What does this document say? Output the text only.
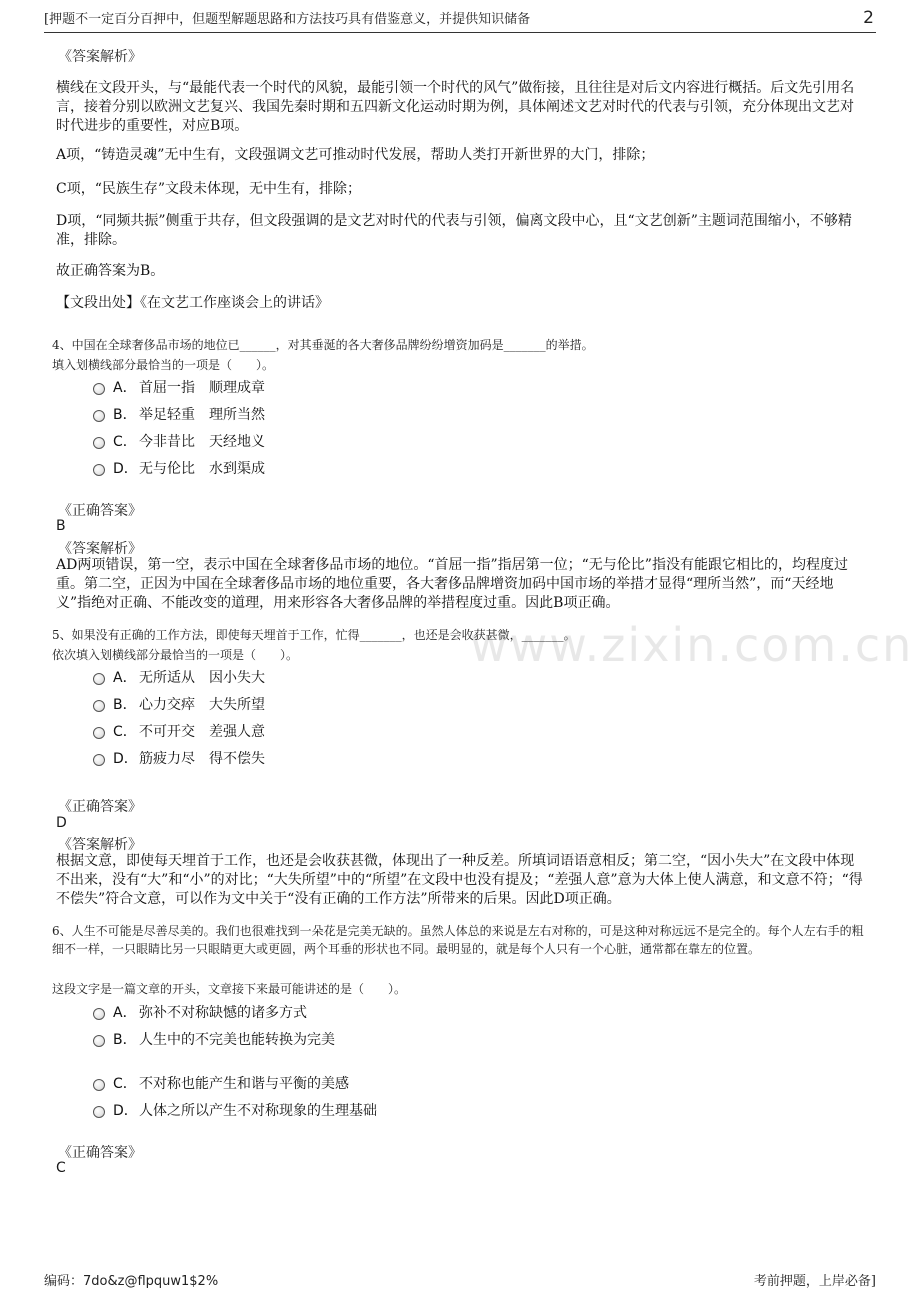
[押题不一定百分百押中，但题型解题思路和方法技巧具有借鉴意义，并提供知识储备	2
www.zixin.com.cn
《答案解析》
横线在文段开头，与“最能代表一个时代的风貌，最能引领一个时代的风气”做衔接，且往往是对后文内容进行概括。后文先引用名言，接着分别以欧洲文艺复兴、我国先秦时期和五四新文化运动时期为例，具体阐述文艺对时代的代表与引领，充分体现出文艺对时代进步的重要性，对应B项。
A项，“铸造灵魂”无中生有，文段强调文艺可推动时代发展，帮助人类打开新世界的大门，排除；
C项，“民族生存”文段未体现，无中生有，排除；
D项，“同频共振”侧重于共存，但文段强调的是文艺对时代的代表与引领，偏离文段中心，且“文艺创新”主题词范围缩小，不够精准，排除。
故正确答案为B。
【文段出处】《在文艺工作座谈会上的讲话》
4、中国在全球奢侈品市场的地位已______，对其垂涎的各大奢侈品牌纷纷增资加码是_______的举措。
填入划横线部分最恰当的一项是（　　）。
A． 首屈一指 顺理成章
B． 举足轻重 理所当然
C． 今非昔比 天经地义
D．无与伦比 水到渠成
《正确答案》
B
《答案解析》
AD两项错误，第一空，表示中国在全球奢侈品市场的地位。“首屈一指”指居第一位；“无与伦比”指没有能跟它相比的，均程度过重。第二空，正因为中国在全球奢侈品市场的地位重要，各大奢侈品牌增资加码中国市场的举措才显得“理所当然”，而“天经地义”指绝对正确、不能改变的道理，用来形容各大奢侈品牌的举措程度过重。因此B项正确。
5、如果没有正确的工作方法，即使每天埋首于工作，忙得_______，也还是会收获甚微，_______。
依次填入划横线部分最恰当的一项是（　　）。
A． 无所适从 因小失大
B． 心力交瘁 大失所望
C． 不可开交 差强人意
D．筋疲力尽 得不偿失
《正确答案》
D
《答案解析》
根据文意，即使每天埋首于工作，也还是会收获甚微，体现出了一种反差。所填词语语意相反；第二空，“因小失大”在文段中体现不出来，没有“大”和“小”的对比；“大失所望”中的“所望”在文段中也没有提及；“差强人意”意为大体上使人满意，和文意不符；“得不偿失”符合文意，可以作为文中关于“没有正确的工作方法”所带来的后果。因此D项正确。
6、人生不可能是尽善尽美的。我们也很难找到一朵花是完美无缺的。虽然人体总的来说是左右对称的，可是这种对称远远不是完全的。每个人左右手的粗细不一样，一只眼睛比另一只眼睛更大或更圆，两个耳垂的形状也不同。最明显的，就是每个人只有一个心脏，通常都在靠左的位置。
这段文字是一篇文章的开头，文章接下来最可能讲述的是（　　）。
A． 弥补不对称缺憾的诸多方式
B． 人生中的不完美也能转换为完美
C． 不对称也能产生和谐与平衡的美感
D．人体之所以产生不对称现象的生理基础
《正确答案》
C
编码：7do&z@flpquw1$2%	考前押题，上岸必备]
